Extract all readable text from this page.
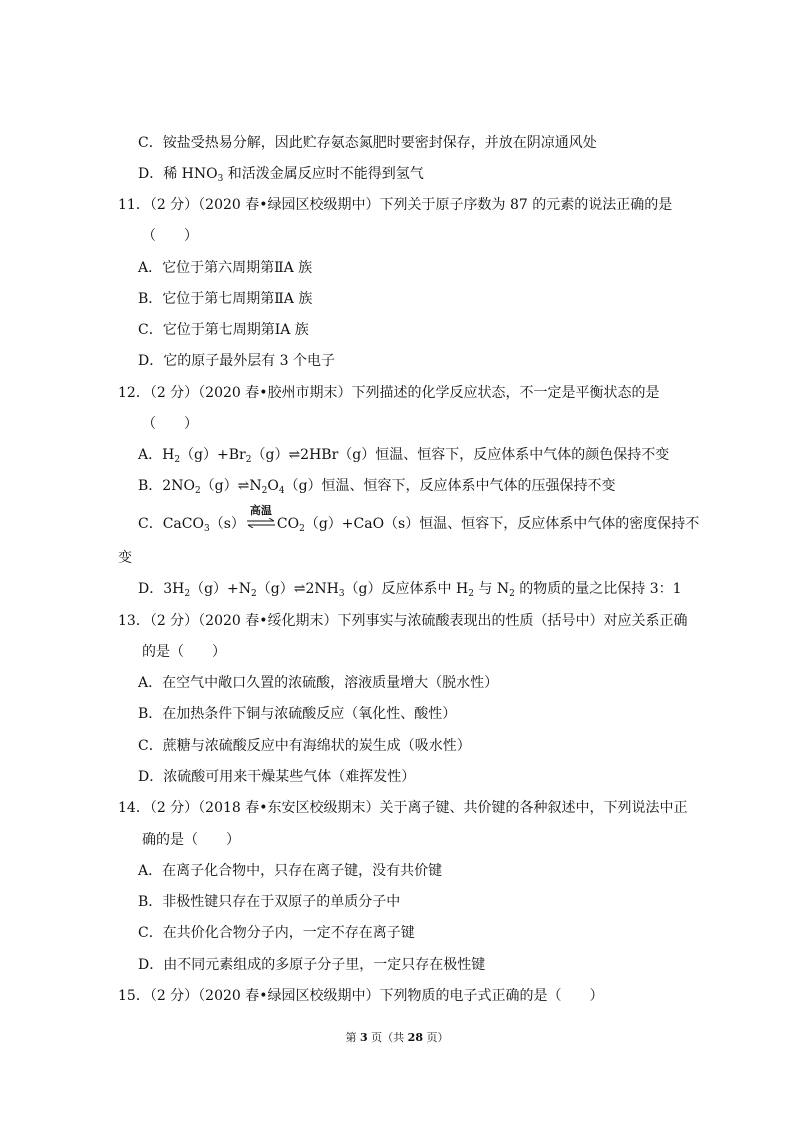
C．铵盐受热易分解，因此贮存氨态氮肥时要密封保存，并放在阴凉通风处
D．稀 $HNO_3$ 和活泼金属反应时不能得到氢气
11．（2 分）（2020 春•绿园区校级期中）下列关于原子序数为 87 的元素的说法正确的是
（　　）
A．它位于第六周期第ⅡA 族
B．它位于第七周期第ⅡA 族
C．它位于第七周期第ⅠA 族
D．它的原子最外层有 3 个电子
12．（2 分）（2020 春•胶州市期末）下列描述的化学反应状态，不一定是平衡状态的是
（　　）
A．$H_2(g)+Br_2(g)\rightleftharpoons 2HBr(g)$恒温、恒容下，反应体系中气体的颜色保持不变
B．$2NO_2(g)\rightleftharpoons N_2O_4(g)$恒温、恒容下，反应体系中气体的压强保持不变
C．CaCO$_3$（s）
高温
$CO_2(g)+CaO(s)$恒温、恒容下，反应体系中气体的密度保持不
变
D．$3H_2(g)+N_2(g)\rightleftharpoons 2NH_3(g)$反应体系中 $H_2$ 与 $N_2$ 的物质的量之比保持 3：1
13．（2 分）（2020 春•绥化期末）下列事实与浓硫酸表现出的性质（括号中）对应关系正确
的是（　　）
A．在空气中敞口久置的浓硫酸，溶液质量增大（脱水性）
B．在加热条件下铜与浓硫酸反应（氧化性、酸性）
C．蔗糖与浓硫酸反应中有海绵状的炭生成（吸水性）
D．浓硫酸可用来干燥某些气体（难挥发性）
14．（2 分）（2018 春•东安区校级期末）关于离子键、共价键的各种叙述中，下列说法中正
确的是（　　）
A．在离子化合物中，只存在离子键，没有共价键
B．非极性键只存在于双原子的单质分子中
C．在共价化合物分子内，一定不存在离子键
D．由不同元素组成的多原子分子里，一定只存在极性键
15．（2 分）（2020 春•绿园区校级期中）下列物质的电子式正确的是（　　）
第 3 页（共 28 页）
